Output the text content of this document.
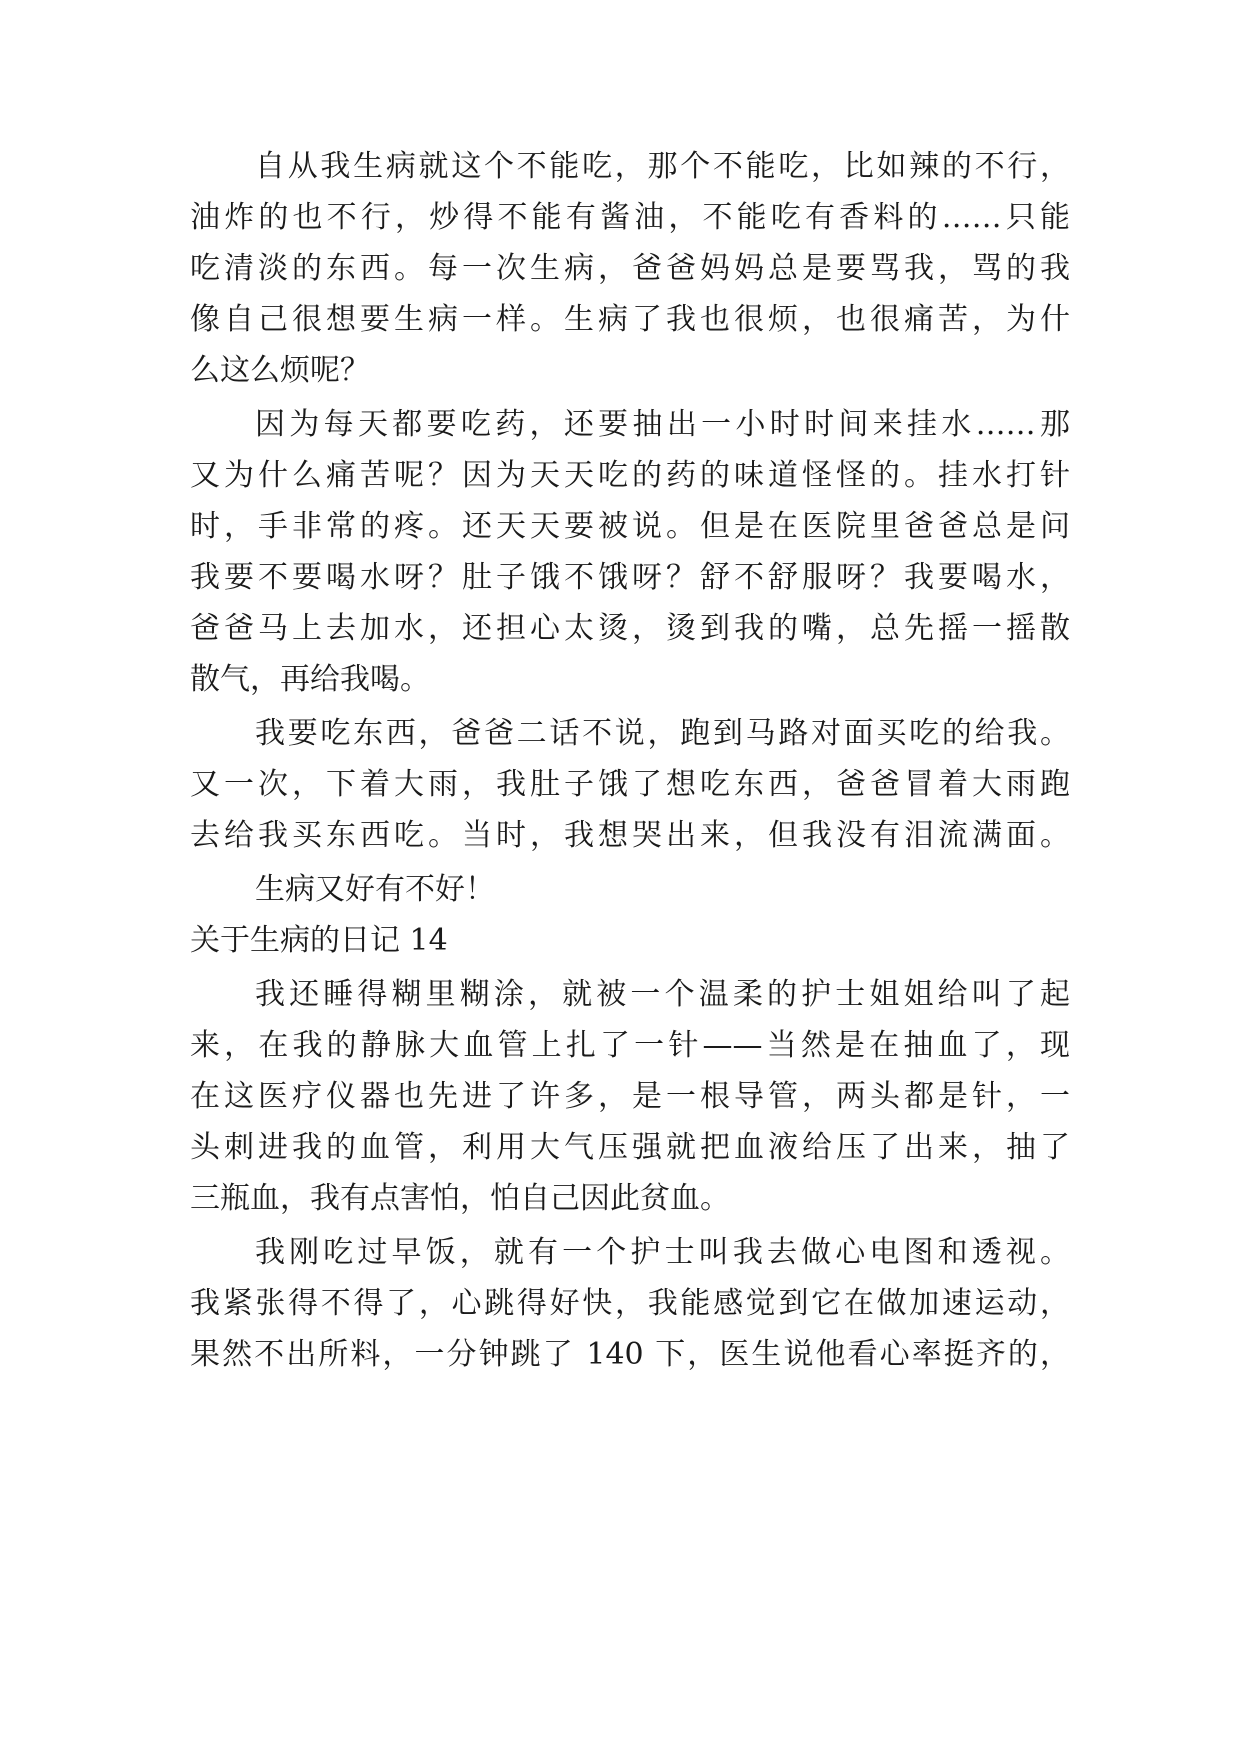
自从我生病就这个不能吃，那个不能吃，比如辣的不行，

油炸的也不行，炒得不能有酱油，不能吃有香料的……只能

吃清淡的东西。每一次生病，爸爸妈妈总是要骂我，骂的我

像自己很想要生病一样。生病了我也很烦，也很痛苦，为什

么这么烦呢？

因为每天都要吃药，还要抽出一小时时间来挂水……那

又为什么痛苦呢？因为天天吃的药的味道怪怪的。挂水打针

时，手非常的疼。还天天要被说。但是在医院里爸爸总是问

我要不要喝水呀？肚子饿不饿呀？舒不舒服呀？我要喝水，

爸爸马上去加水，还担心太烫，烫到我的嘴，总先摇一摇散

散气，再给我喝。

我要吃东西，爸爸二话不说，跑到马路对面买吃的给我。

又一次，下着大雨，我肚子饿了想吃东西，爸爸冒着大雨跑

去给我买东西吃。当时，我想哭出来，但我没有泪流满面。

生病又好有不好！

关于生病的日记 14

我还睡得糊里糊涂，就被一个温柔的护士姐姐给叫了起

来，在我的静脉大血管上扎了一针——当然是在抽血了，现

在这医疗仪器也先进了许多，是一根导管，两头都是针，一

头刺进我的血管，利用大气压强就把血液给压了出来，抽了

三瓶血，我有点害怕，怕自己因此贫血。

我刚吃过早饭，就有一个护士叫我去做心电图和透视。

我紧张得不得了，心跳得好快，我能感觉到它在做加速运动，

果然不出所料，一分钟跳了 140 下，医生说他看心率挺齐的，
